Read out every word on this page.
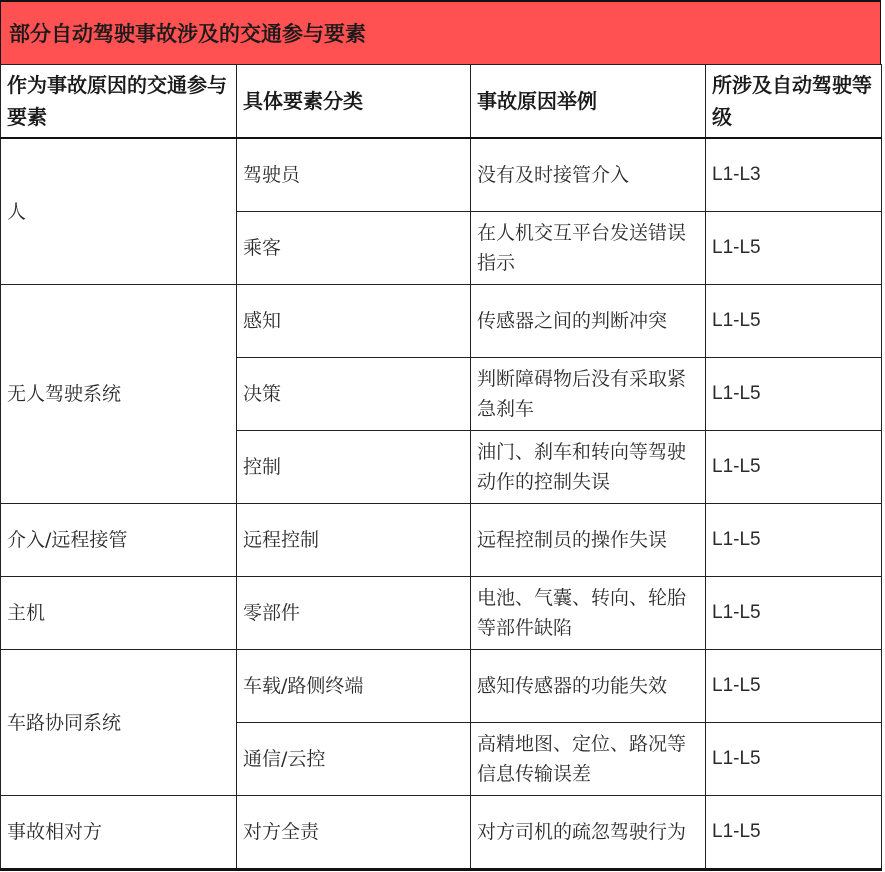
部分自动驾驶事故涉及的交通参与要素
作为事故原因的交通参与要素	具体要素分类	事故原因举例	所涉及自动驾驶等级
人	驾驶员	没有及时接管介入	L1-L3
	乘客	在人机交互平台发送错误指示	L1-L5
无人驾驶系统	感知	传感器之间的判断冲突	L1-L5
	决策	判断障碍物后没有采取紧急刹车	L1-L5
	控制	油门、刹车和转向等驾驶动作的控制失误	L1-L5
介入/远程接管	远程控制	远程控制员的操作失误	L1-L5
主机	零部件	电池、气囊、转向、轮胎等部件缺陷	L1-L5
车路协同系统	车载/路侧终端	感知传感器的功能失效	L1-L5
	通信/云控	高精地图、定位、路况等信息传输误差	L1-L5
事故相对方	对方全责	对方司机的疏忽驾驶行为	L1-L5
